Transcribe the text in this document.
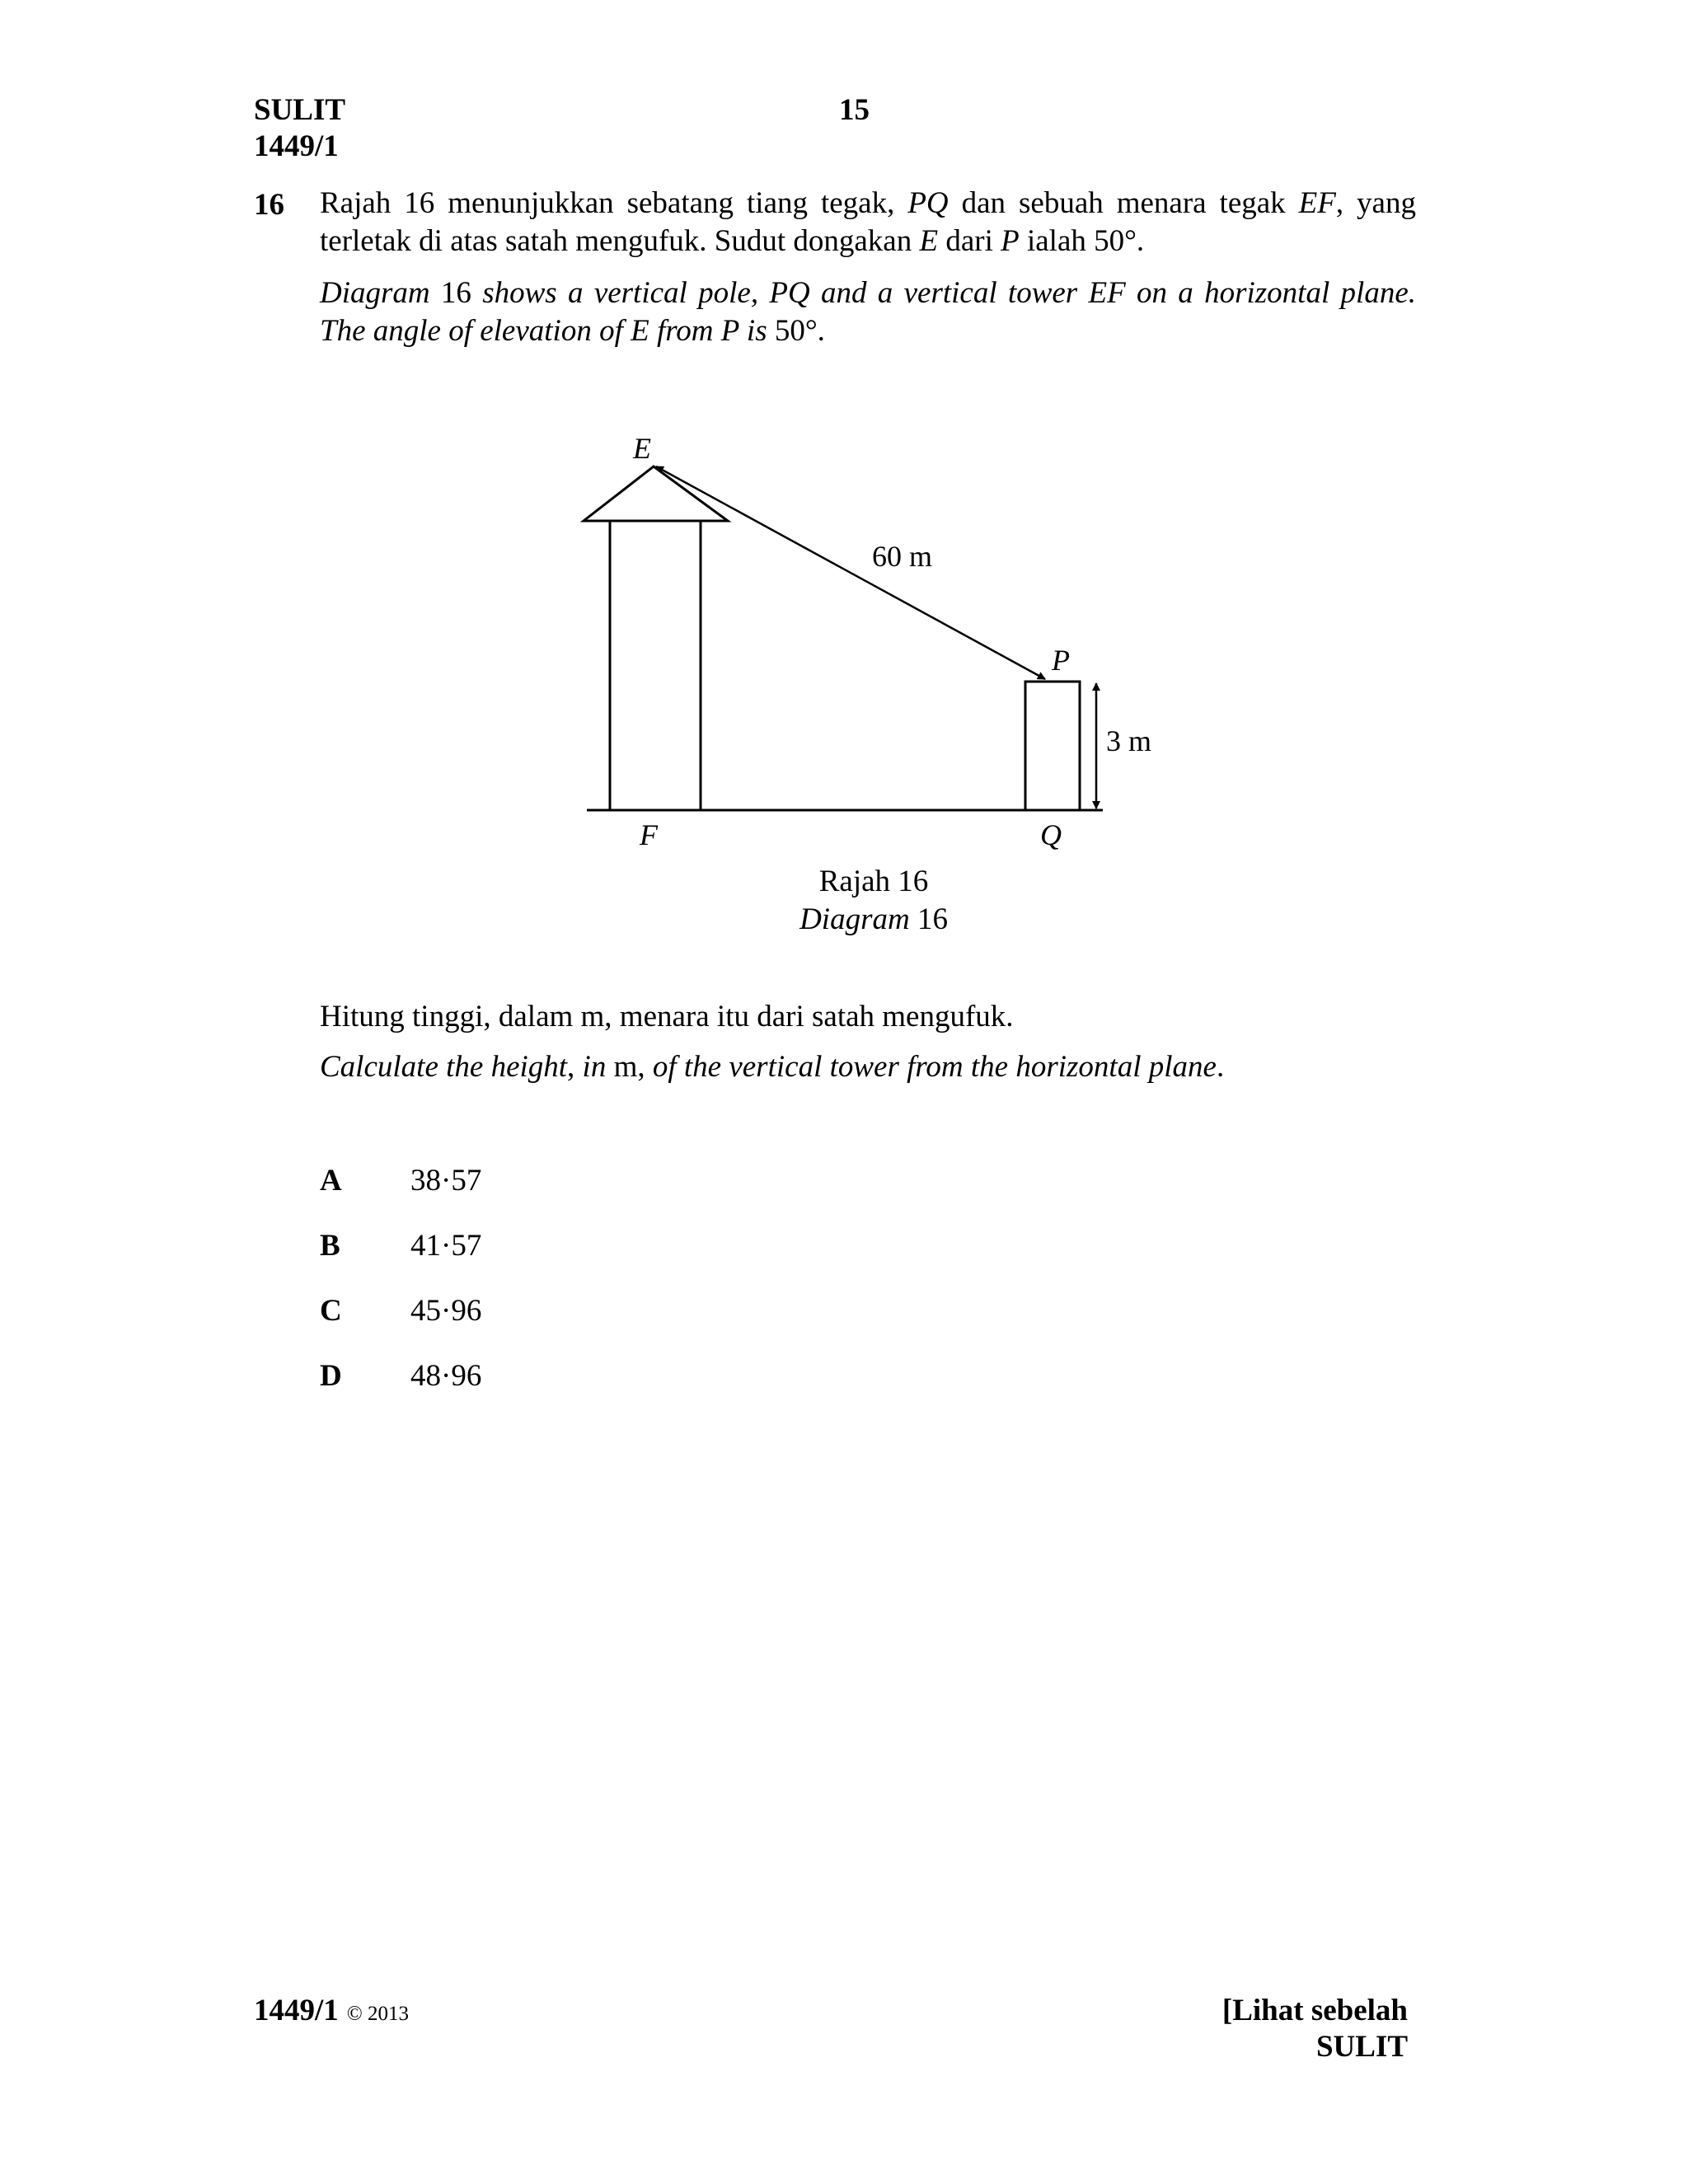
SULIT
1449/1
15
16 Rajah 16 menunjukkan sebatang tiang tegak, PQ dan sebuah menara tegak EF, yang terletak di atas satah mengufuk. Sudut dongakan E dari P ialah 50°.
Diagram 16 shows a vertical pole, PQ and a vertical tower EF on a horizontal plane. The angle of elevation of E from P is 50°.
E
60 m
P
3 m
F	Q
Rajah 16
Diagram 16
Hitung tinggi, dalam m, menara itu dari satah mengufuk.
Calculate the height, in m, of the vertical tower from the horizontal plane.
A 38·57
B 41·57
C 45·96
D 48·96
1449/1 © 2013	[Lihat sebelah
SULIT
